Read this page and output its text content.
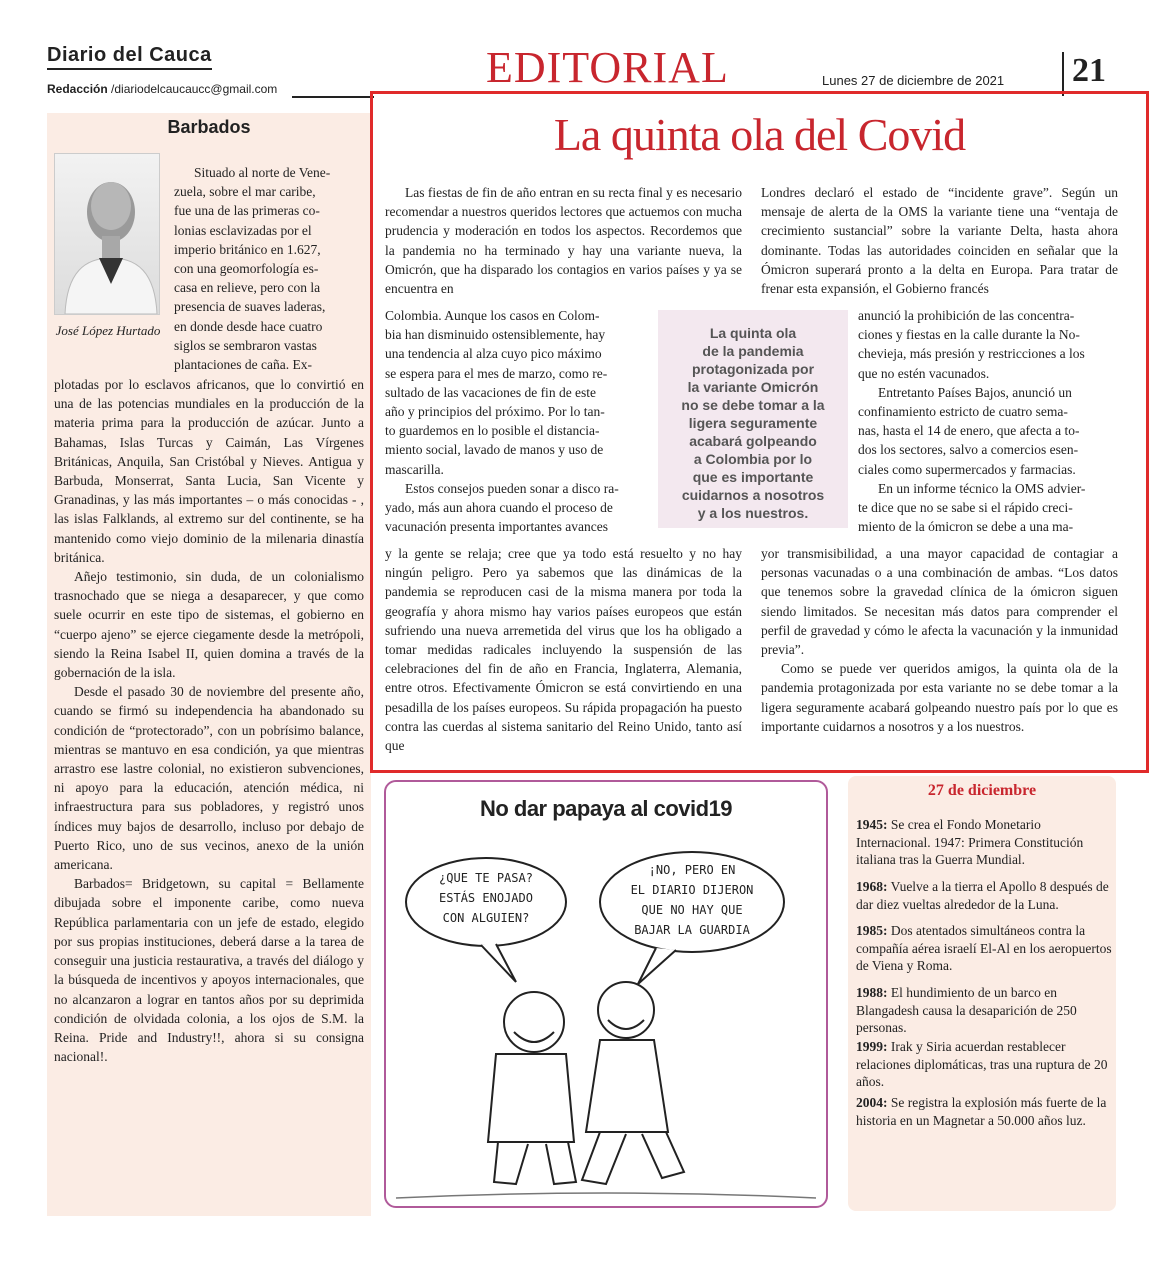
Diario del Cauca
Redacción /diariodelcaucaucc@gmail.com	EDITORIAL	Lunes 27 de diciembre de 2021 21
Barbados
José López Hurtado
Situado al norte de Vene-
zuela, sobre el mar caribe,
fue una de las primeras co-
lonias esclavizadas por el
imperio británico en 1.627,
con una geomorfología es-
casa en relieve, pero con la
presencia de suaves laderas,
en donde desde hace cuatro
siglos se sembraron vastas
plantaciones de caña. Ex-

plotadas por lo esclavos africanos, que lo convirtió en una de las potencias mundiales en la producción de la materia prima para la producción de azúcar. Junto a Bahamas, Islas Turcas y Caimán, Las Vírgenes Británicas, Anquila, San Cristóbal y Nieves. Antigua y Barbuda, Monserrat, Santa Lucia, San Vicente y Granadinas, y las más importantes – o más conocidas - , las islas Falklands, al extremo sur del continente, se ha mantenido como viejo dominio de la milenaria dinastía británica.

Añejo testimonio, sin duda, de un colonialismo trasnochado que se niega a desaparecer, y que como suele ocurrir en este tipo de sistemas, el gobierno en “cuerpo ajeno” se ejerce ciegamente desde la metrópoli, siendo la Reina Isabel II, quien domina a través de la gobernación de la isla.

Desde el pasado 30 de noviembre del presente año, cuando se firmó su independencia ha abandonado su condición de “protectorado”, con un pobrísimo balance, mientras se mantuvo en esa condición, ya que mientras arrastro ese lastre colonial, no existieron subvenciones, ni apoyo para la educación, atención médica, ni infraestructura para sus pobladores, y registró unos índices muy bajos de desarrollo, incluso por debajo de Puerto Rico, uno de sus vecinos, anexo de la unión americana.

Barbados= Bridgetown, su capital = Bellamente dibujada sobre el imponente caribe, como nueva República parlamentaria con un jefe de estado, elegido por sus propias instituciones, deberá darse a la tarea de conseguir una justicia restaurativa, a través del diálogo y la búsqueda de incentivos y apoyos internacionales, que no alcanzaron a lograr en tantos años por su deprimida condición de olvidada colonia, a los ojos de S.M. la Reina. Pride and Industry!!, ahora si su consigna nacional!.

La quinta ola del Covid

Las fiestas de fin de año entran en su recta final y es necesario recomendar a nuestros queridos lectores que actuemos con mucha prudencia y moderación en todos los aspectos. Recordemos que la pandemia no ha terminado y hay una variante nueva, la Omicrón, que ha disparado los contagios en varios países y ya se encuentra en

Colombia. Aunque los casos en Colom-
bia han disminuido ostensiblemente, hay
una tendencia al alza cuyo pico máximo
se espera para el mes de marzo, como re-
sultado de las vacaciones de fin de este
año y principios del próximo. Por lo tan-
to guardemos en lo posible el distancia-
miento social, lavado de manos y uso de
mascarilla.
Estos consejos pueden sonar a disco ra-
yado, más aun ahora cuando el proceso de
vacunación presenta importantes avances

y la gente se relaja; cree que ya todo está resuelto y no hay ningún peligro. Pero ya sabemos que las dinámicas de la pandemia se reproducen casi de la misma manera por toda la geografía y ahora mismo hay varios países europeos que están sufriendo una nueva arremetida del virus que los ha obligado a tomar medidas radicales incluyendo la suspensión de las celebraciones del fin de año en Francia, Inglaterra, Alemania, entre otros. Efectivamente Ómicron se está convirtiendo en una pesadilla de los países europeos. Su rápida propagación ha puesto contra las cuerdas al sistema sanitario del Reino Unido, tanto así que

Londres declaró el estado de “incidente grave”. Según un mensaje de alerta de la OMS la variante tiene una “ventaja de crecimiento sustancial” sobre la variante Delta, hasta ahora dominante. Todas las autoridades coinciden en señalar que la Ómicron superará pronto a la delta en Europa. Para tratar de frenar esta expansión, el Gobierno francés

anunció la prohibición de las concentra-
ciones y fiestas en la calle durante la No-
chevieja, más presión y restricciones a los
que no estén vacunados.
Entretanto Países Bajos, anunció un
confinamiento estricto de cuatro sema-
nas, hasta el 14 de enero, que afecta a to-
dos los sectores, salvo a comercios esen-
ciales como supermercados y farmacias.
En un informe técnico la OMS advier-
te dice que no se sabe si el rápido creci-
miento de la ómicron se debe a una ma-

yor transmisibilidad, a una mayor capacidad de contagiar a personas vacunadas o a una combinación de ambas. “Los datos que tenemos sobre la gravedad clínica de la ómicron siguen siendo limitados. Se necesitan más datos para comprender el perfil de gravedad y cómo le afecta la vacunación y la inmunidad previa”.

Como se puede ver queridos amigos, la quinta ola de la pandemia protagonizada por esta variante no se debe tomar a la ligera seguramente acabará golpeando nuestro país por lo que es importante cuidarnos a nosotros y a los nuestros.

La quinta ola
de la pandemia
protagonizada por
la variante Omicrón
no se debe tomar a la
ligera seguramente
acabará golpeando
a Colombia por lo
que es importante
cuidarnos a nosotros
y a los nuestros.
No dar papaya al covid19
¿QUE TE PASA?
ESTÁS ENOJADO
CON ALGUIEN?
¡NO, PERO EN
EL DIARIO DIJERON
QUE NO HAY QUE
BAJAR LA GUARDIA
27 de diciembre
1945: Se crea el Fondo Monetario Internacional. 1947: Primera Constitución italiana tras la Guerra Mundial.
1968: Vuelve a la tierra el Apollo 8 después de dar diez vueltas alrededor de la Luna.
1985: Dos atentados simultáneos contra la compañía aérea israelí El-Al en los aeropuertos de Viena y Roma.
1988: El hundimiento de un barco en Blangadesh causa la desaparición de 250 personas.
1999: Irak y Siria acuerdan restablecer relaciones diplomáticas, tras una ruptura de 20 años.
2004: Se registra la explosión más fuerte de la historia en un Magnetar a 50.000 años luz.
